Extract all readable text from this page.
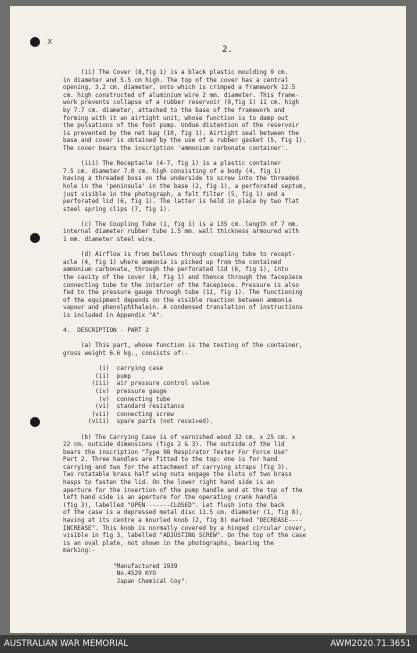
x
2.
(ii) The Cover (8,fig 1) is a black plastic moulding 9 cm.
in diameter and 5.5 cm high. The top of the cover has a central
opening, 3.2 cm. diameter, onto which is crimped a framework 12.5
cm. high constructed of aluminium wire 2 mm. diameter. This frame-
work prevents collapse of a rubber reservoir (9,fig 1) 11 cm. high
by 7.7 cm. diameter, attached to the base of the framework and
forming with it an airtight unit, whose function is to damp out
the pulsations of the foot pump. Undue distention of the reservoir
is prevented by the net bag (10, fig 1). Airtight seal between the
base and cover is obtained by the use of a rubber gasket (5, fig 1).
The cover bears the inscription 'ammonium carbonate container'.
(iii) The Receptacle (4-7, fig 1) is a plastic container
7.5 cm. diameter 7.0 cm. high consisting of a body (4, fig 1)
having a threaded boss on the underside to screw into the threaded
hole in the 'peninsula' in the base (2, fig 1), a perforated septum,
just visible in the photograph, a felt filter (5, fig 1) and a
perforated lid (6, fig 1). The latter is held in place by two flat
steel spring clips (7, fig 1).
(c) The Coupling Tube (1, fig 1) is a 135 cm. length of 7 mm.
internal diameter rubber tube 1.5 mm. wall thickness armoured with
1 mm. diameter steel wire.
(d) Airflow is from bellows through coupling tube to recept-
acle (4, fig 1) where ammonia is picked up from the contained
ammonium carbonate, through the perforated lid (6, fig 1), into
the cavity of the cover (8, fig 1) and thence through the facepiece
connecting tube to the interior of the facepiece. Pressure is also
fed to the pressure gauge through tube (11, fig 1). The functioning
of the equipment depends on the visible reaction between ammonia
vapour and phenolphthalein. A condensed translation of instructions
is included in Appendix "A".
4.  DESCRIPTION - PART 2
(a) This part, whose function is the testing of the container,
gross weight 6.6 kg., consists of:-
(i)  carrying case
(ii)  pump
(iii)  air pressure control valve
(iv)  pressure gauge
(v)  connecting tube
(vi)  standard resistance
(vii)  connecting screw
(viii)  spare parts (not received).
(b) The Carrying Case is of varnished wood 32 cm. x 25 cm. x
22 cm. outside dimensions (figs 2 & 3). The outside of the lid
bears the inscription "Type 98 Respirator Tester For Force Use"
Part 2. Three handles are fitted to the top: one is for hand
carrying and two for the attachment of carrying straps (fig 3).
Two rotatable brass half wing nuts engage the slots of two brass
hasps to fasten the lid. On the lower right hand side is an
aperture for the insertion of the pump handle and at the top of the
left hand side is an aperture for the operating crank handle
(fig 3), labelled "OPEN ------CLOSED". Let flush into the back
of the case is a depressed metal disc 11.5 cm. diameter (1, fig 8),
having at its centre a knurled knob (2, fig 8) marked "DECREASE----
INCREASE". This knob is normally covered by a hinged circular cover,
visible in fig 3, labelled "ADJUSTING SCREW". On the top of the case
is an oval plate, not shown in the photographs, bearing the
marking:-
"Manufactured 1939
No.4529 KYO
Japan Chemical Coy".
AUSTRALIAN WAR MEMORIAL	AWM2020.71.3651
